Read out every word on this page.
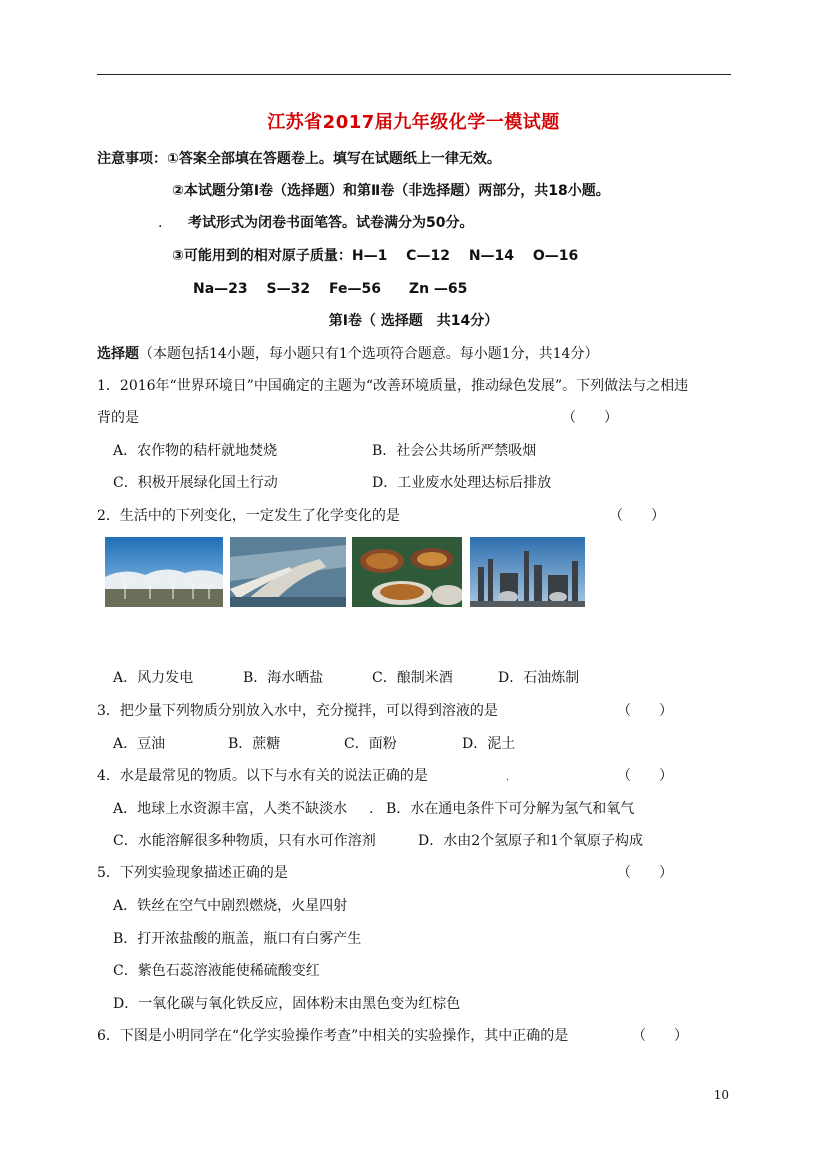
江苏省2017届九年级化学一模试题
注意事项：①答案全部填在答题卷上。填写在试题纸上一律无效。
②本试题分第Ⅰ卷（选择题）和第Ⅱ卷（非选择题）两部分，共18小题。
. 考试形式为闭卷书面笔答。试卷满分为50分。
③可能用到的相对原子质量：H—1　 C—12　 N—14　 O—16
Na—23　 S—32　 Fe—56　　Zn —65
第Ⅰ卷（ 选择题　共14分）
选择题（本题包括14小题，每小题只有1个选项符合题意。每小题1分，共14分）
1．2016年“世界环境日”中国确定的主题为“改善环境质量，推动绿色发展”。下列做法与之相违
背的是	（　　）
A．农作物的秸杆就地焚烧	B．社会公共场所严禁吸烟
C．积极开展绿化国土行动	D．工业废水处理达标后排放
2．生活中的下列变化，一定发生了化学变化的是	（　　）
A．风力发电	B．海水晒盐	C．酿制米酒	D．石油炼制
3．把少量下列物质分别放入水中，充分搅拌，可以得到溶液的是	（　　）
A．豆油	B．蔗糖	C．面粉	D．泥土
4．水是最常见的物质。以下与水有关的说法正确的是	.	（　　）
A．地球上水资源丰富，人类不缺淡水 . B．水在通电条件下可分解为氢气和氧气
C．水能溶解很多种物质，只有水可作溶剂	D．水由2个氢原子和1个氧原子构成
5．下列实验现象描述正确的是	（　　）
A．铁丝在空气中剧烈燃烧，火星四射
B．打开浓盐酸的瓶盖，瓶口有白雾产生
C．紫色石蕊溶液能使稀硫酸变红
D．一氧化碳与氧化铁反应，固体粉末由黑色变为红棕色
6．下图是小明同学在“化学实验操作考查”中相关的实验操作，其中正确的是	（　　）
10
